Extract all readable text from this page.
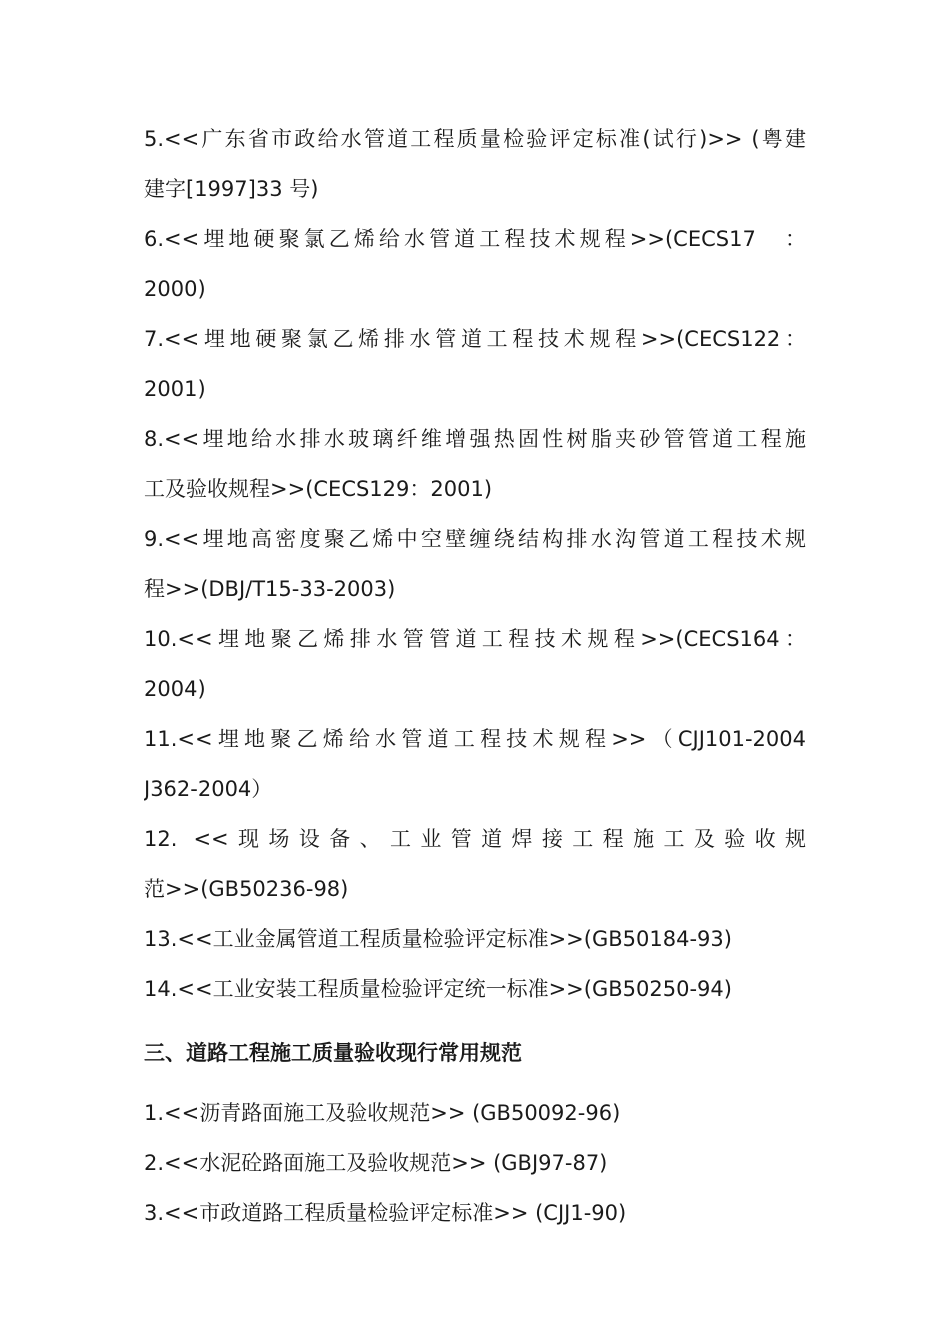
5.<<广东省市政给水管道工程质量检验评定标准(试行)>> (粤建

建字[1997]33 号)

6.<<埋地硬聚氯乙烯给水管道工程技术规程>>(CECS17　：

2000)

7.<<埋地硬聚氯乙烯排水管道工程技术规程>>(CECS122：

2001)

8.<<埋地给水排水玻璃纤维增强热固性树脂夹砂管管道工程施

工及验收规程>>(CECS129：2001)

9.<<埋地高密度聚乙烯中空壁缠绕结构排水沟管道工程技术规

程>>(DBJ/T15-33-2003)

10.<<埋地聚乙烯排水管管道工程技术规程>>(CECS164：

2004)

11.<<埋地聚乙烯给水管道工程技术规程>>（CJJ101-2004

J362-2004）

12. <<现场设备、工业管道焊接工程施工及验收规

范>>(GB50236-98)

13.<<工业金属管道工程质量检验评定标准>>(GB50184-93)

14.<<工业安装工程质量检验评定统一标准>>(GB50250-94)

三、道路工程施工质量验收现行常用规范

1.<<沥青路面施工及验收规范>> (GB50092-96)

2.<<水泥砼路面施工及验收规范>> (GBJ97-87)

3.<<市政道路工程质量检验评定标准>> (CJJ1-90)
